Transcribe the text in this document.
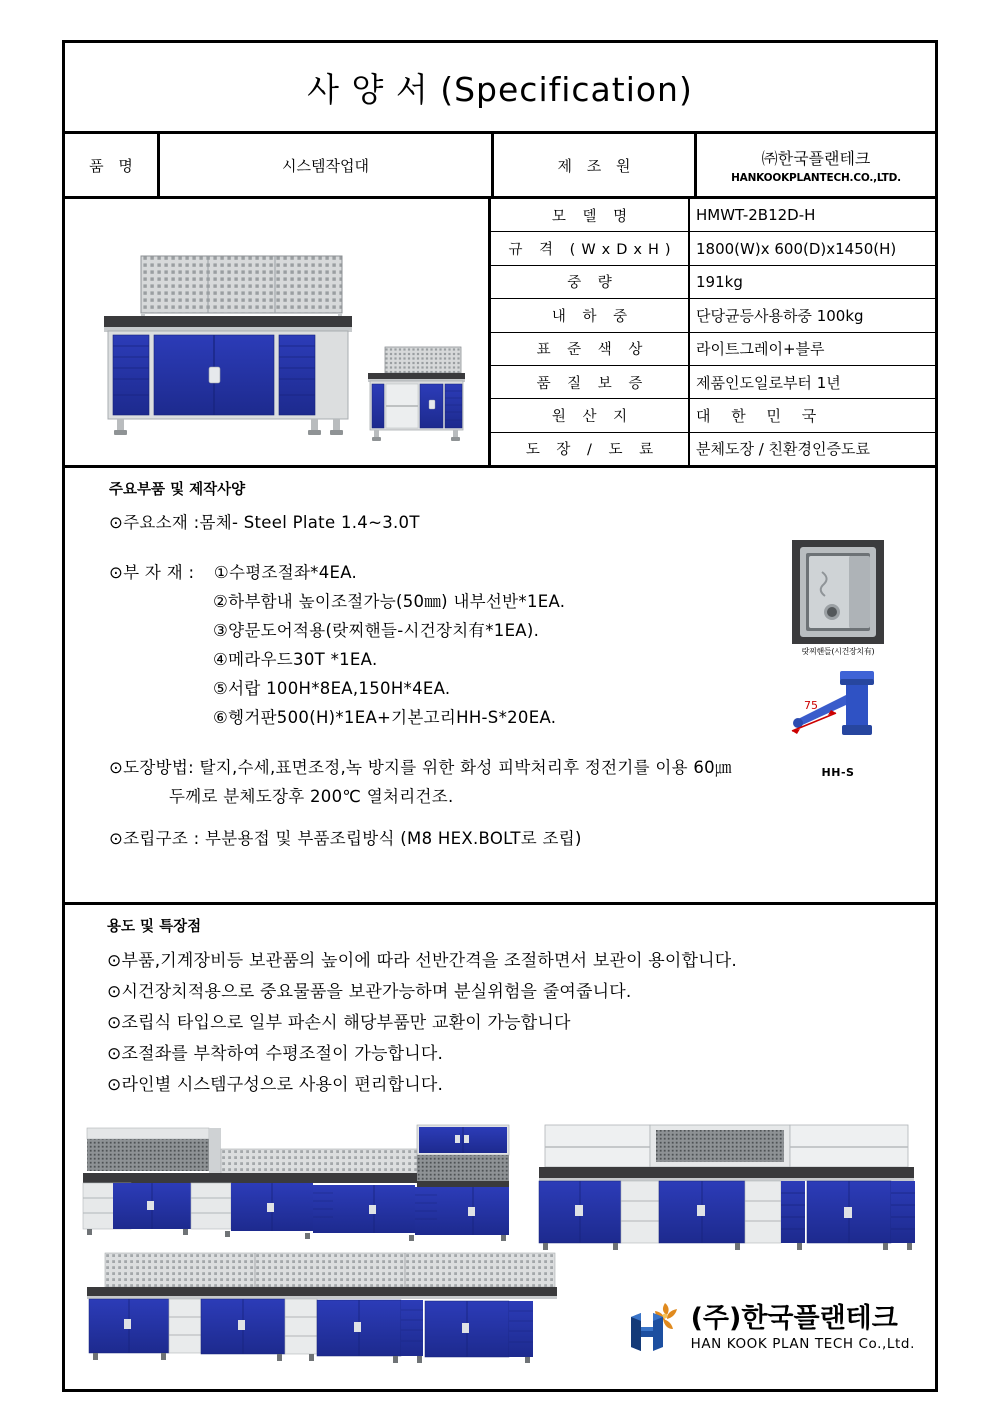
사 양 서 (Specification)
품 명	시스템작업대	제 조 원	㈜한국플랜테크
HANKOOKPLANTECH.CO.,LTD.
모 델 명	HMWT-2B12D-H
규 격 (WxDxH)	1800(W)x 600(D)x1450(H)
중 량	191kg
내 하 중	단당균등사용하중 100kg
표 준 색 상	라이트그레이+블루
품 질 보 증	제품인도일로부터 1년
원 산 지	대 한 민 국
도 장 / 도 료	분체도장 / 친환경인증도료
주요부품 및 제작사양
⊙주요소재 :몸체- Steel Plate 1.4~3.0T
⊙부 자 재 : ①수평조절좌*4EA.
②하부함내 높이조절가능(50㎜) 내부선반*1EA.
③양문도어적용(랏찌핸들-시건장치有*1EA).
④메라우드30T *1EA.
⑤서랍 100H*8EA,150H*4EA.
⑥헹거판500(H)*1EA+기본고리HH-S*20EA.
⊙도장방법: 탈지,수세,표면조정,녹 방지를 위한 화성 피박처리후 정전기를 이용 60㎛
두께로 분체도장후 200℃ 열처리건조.
⊙조립구조 : 부분용접 및 부품조립방식 (M8 HEX.BOLT로 조립)
랏찌핸들(시건장치有)
75
HH-S
용도 및 특장점
⊙부품,기계장비등 보관품의 높이에 따라 선반간격을 조절하면서 보관이 용이합니다.
⊙시건장치적용으로 중요물품을 보관가능하며 분실위험을 줄여줍니다.
⊙조립식 타입으로 일부 파손시 해당부품만 교환이 가능합니다
⊙조절좌를 부착하여 수평조절이 가능합니다.
⊙라인별 시스템구성으로 사용이 편리합니다.
(주)한국플랜테크
HAN KOOK PLAN TECH Co.,Ltd.
